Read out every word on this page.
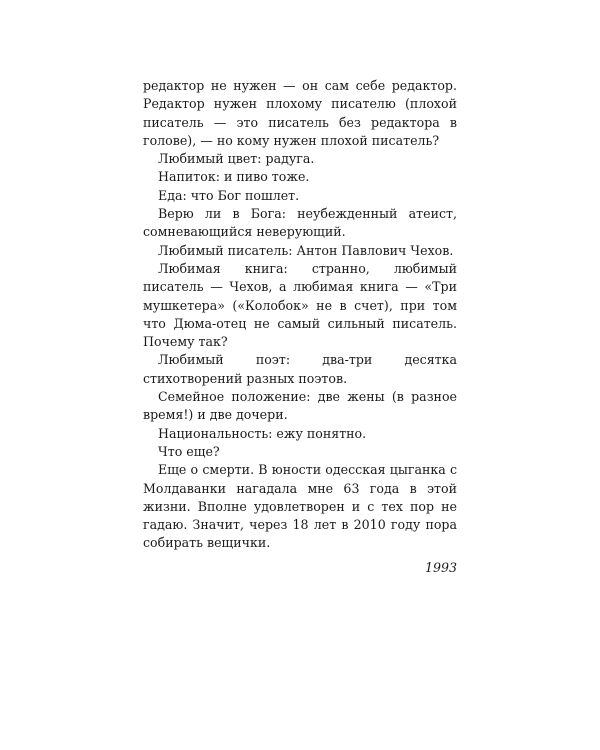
редактор не нужен — он сам себе редактор. Редактор нужен плохому писателю (плохой писатель — это писатель без редактора в голове), — но кому нужен плохой писатель?

Любимый цвет: радуга.

Напиток: и пиво тоже.

Еда: что Бог пошлет.

Верю ли в Бога: неубежденный атеист, сомневающийся неверующий.

Любимый писатель: Антон Павлович Чехов.

Любимая книга: странно, любимый писатель — Чехов, а любимая книга — «Три мушкетера» («Колобок» не в счет), при том что Дюма-отец не самый сильный писатель. Почему так?

Любимый поэт: два-три десятка стихотворений разных поэтов.

Семейное положение: две жены (в разное время!) и две дочери.

Национальность: ежу понятно.

Что еще?

Еще о смерти. В юности одесская цыганка с Молдаванки нагадала мне 63 года в этой жизни. Вполне удовлетворен и с тех пор не гадаю. Значит, через 18 лет в 2010 году пора собирать вещички.

1993
